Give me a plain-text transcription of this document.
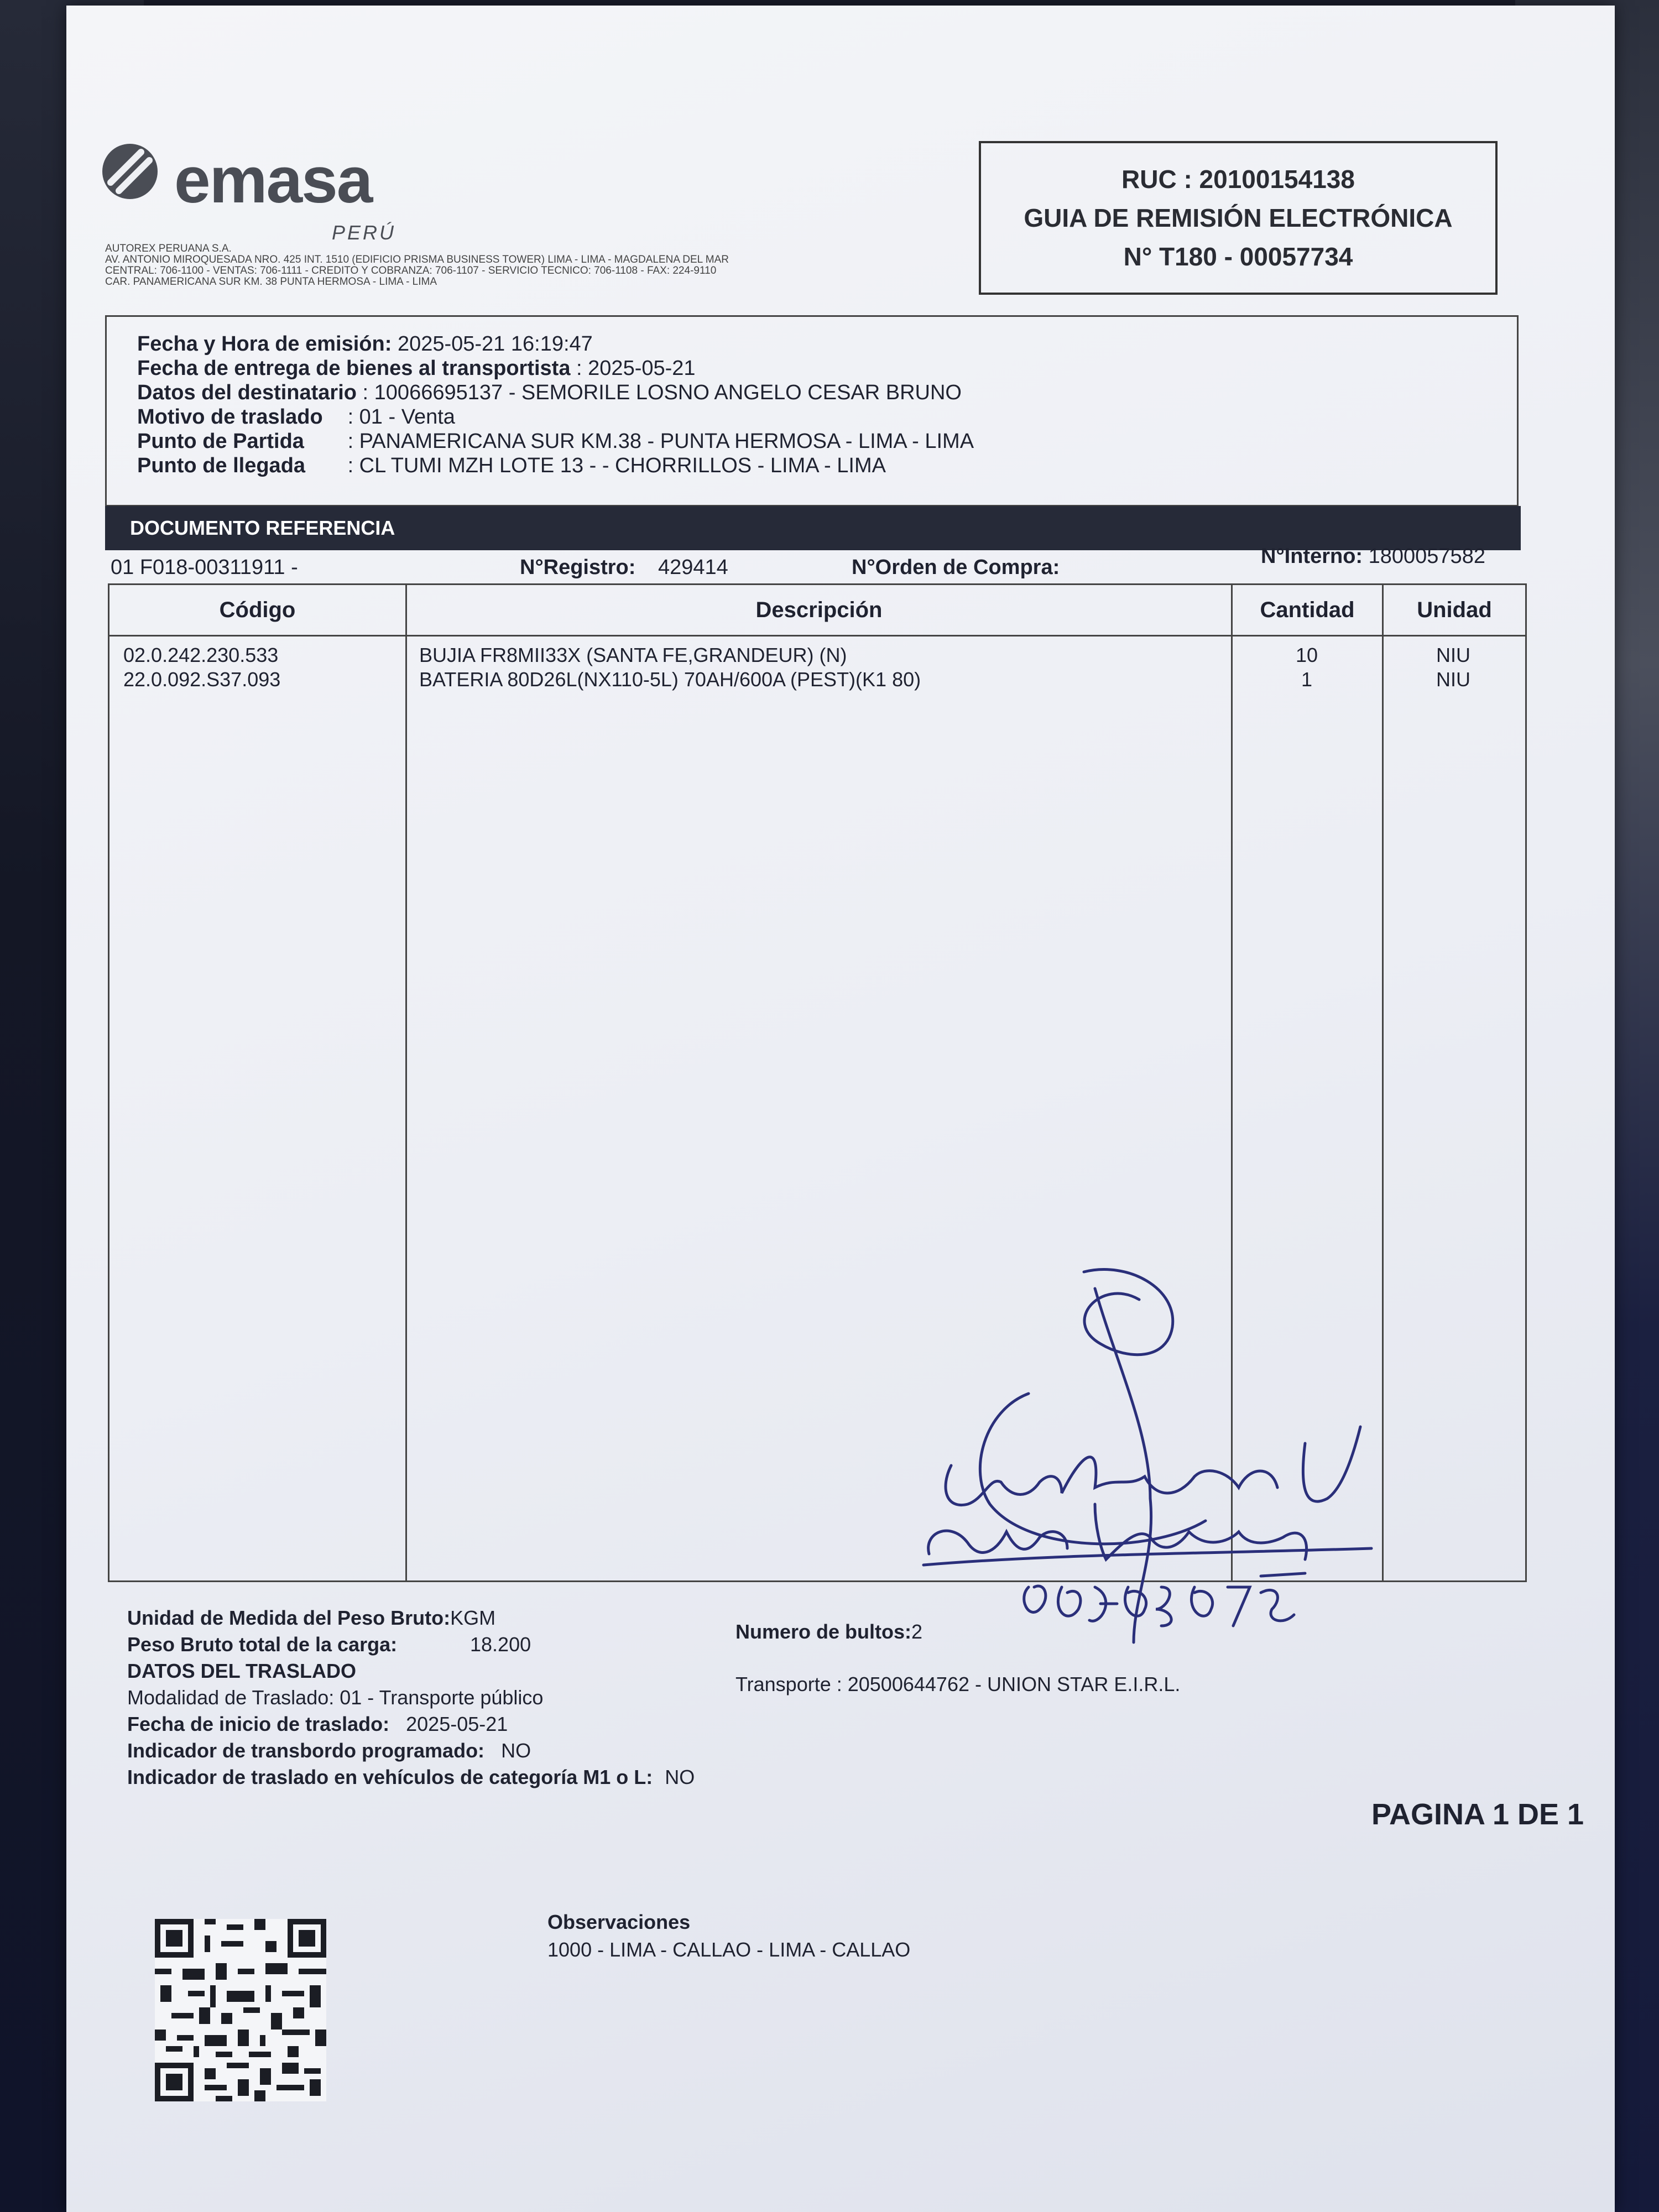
emasa
PERÚ
AUTOREX PERUANA S.A.
AV. ANTONIO MIROQUESADA NRO. 425 INT. 1510 (EDIFICIO PRISMA BUSINESS TOWER) LIMA - LIMA - MAGDALENA DEL MAR
CENTRAL: 706-1100 - VENTAS: 706-1111 - CREDITO Y COBRANZA: 706-1107 - SERVICIO TECNICO: 706-1108 - FAX: 224-9110
CAR. PANAMERICANA SUR KM. 38 PUNTA HERMOSA - LIMA - LIMA
RUC : 20100154138
GUIA DE REMISIÓN ELECTRÓNICA
N° T180 - 00057734
Fecha y Hora de emisión: 2025-05-21 16:19:47
Fecha de entrega de bienes al transportista : 2025-05-21
Datos del destinatario : 10066695137 - SEMORILE LOSNO ANGELO CESAR BRUNO
Motivo de traslado : 01 - Venta
Punto de Partida : PANAMERICANA SUR KM.38 - PUNTA HERMOSA - LIMA - LIMA
Punto de llegada : CL TUMI MZH LOTE 13 - - CHORRILLOS - LIMA - LIMA
DOCUMENTO REFERENCIA
01 F018-00311911 -	N°Registro: 429414	N°Orden de Compra:	N°Interno: 1800057582
Código	Descripción	Cantidad	Unidad
02.0.242.230.533	BUJIA FR8MII33X (SANTA FE,GRANDEUR) (N)	10	NIU
22.0.092.S37.093	BATERIA 80D26L(NX110-5L) 70AH/600A (PEST)(K1 80)	1	NIU
Unidad de Medida del Peso Bruto:KGM
Peso Bruto total de la carga:	18.200
Numero de bultos:2
DATOS DEL TRASLADO
Modalidad de Traslado: 01 - Transporte público
Transporte : 20500644762 - UNION STAR E.I.R.L.
Fecha de inicio de traslado: 2025-05-21
Indicador de transbordo programado: NO
Indicador de traslado en vehículos de categoría M1 o L: NO
PAGINA 1 DE 1
Observaciones
1000 - LIMA - CALLAO - LIMA - CALLAO
